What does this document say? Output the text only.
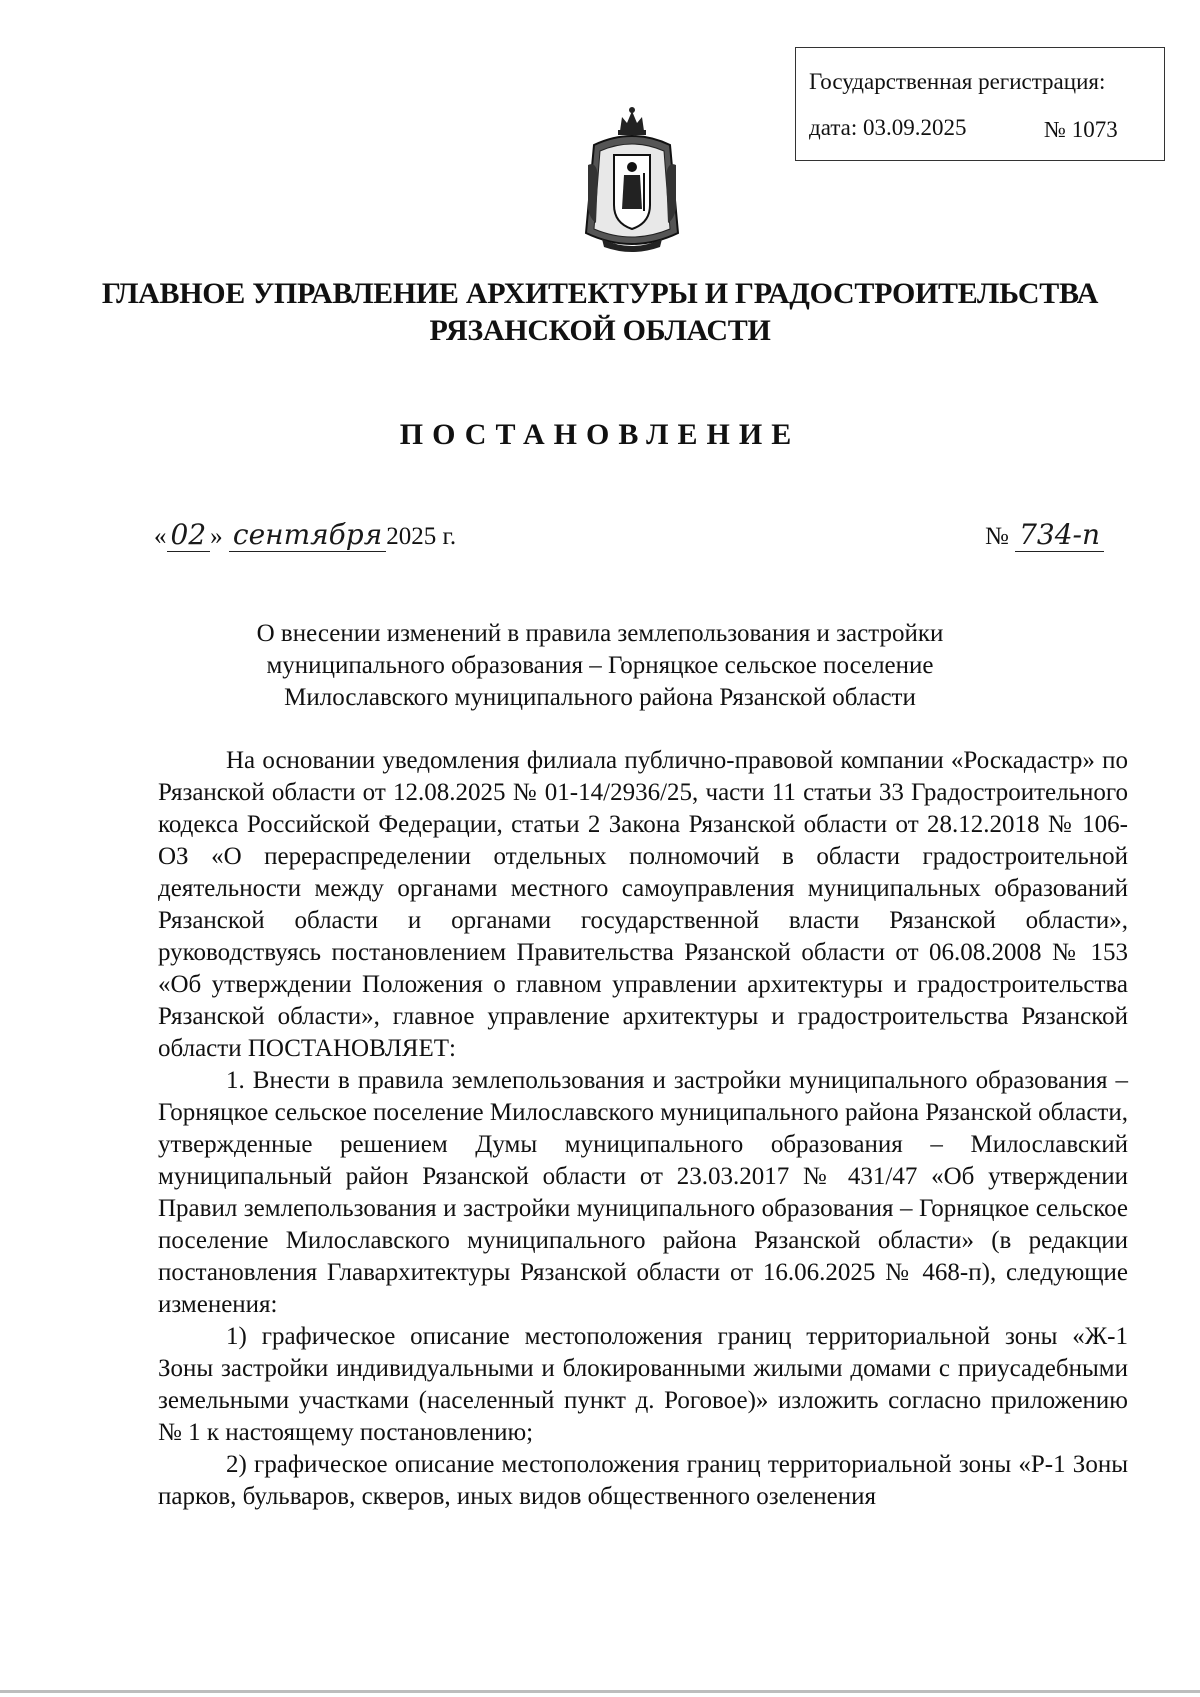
Государственная регистрация:
дата: 03.09.2025	№ 1073
ГЛАВНОЕ УПРАВЛЕНИЕ АРХИТЕКТУРЫ И ГРАДОСТРОИТЕЛЬСТВА
РЯЗАНСКОЙ ОБЛАСТИ
ПОСТАНОВЛЕНИЕ
« 02 » сентября 2025 г.	№ 734-п
О внесении изменений в правила землепользования и застройки
муниципального образования – Горняцкое сельское поселение
Милославского муниципального района Рязанской области

На основании уведомления филиала публично-правовой компании «Роскадастр» по Рязанской области от 12.08.2025 № 01-14/2936/25, части 11 статьи 33 Градостроительного кодекса Российской Федерации, статьи 2 Закона Рязанской области от 28.12.2018 № 106-ОЗ «О перераспределении отдельных полномочий в области градостроительной деятельности между органами местного самоуправления муниципальных образований Рязанской области и органами государственной власти Рязанской области», руководствуясь постановлением Правительства Рязанской области от 06.08.2008 № 153 «Об утверждении Положения о главном управлении архитектуры и градостроительства Рязанской области», главное управление архитектуры и градостроительства Рязанской области ПОСТАНОВЛЯЕТ:

1. Внести в правила землепользования и застройки муниципального образования – Горняцкое сельское поселение Милославского муниципального района Рязанской области, утвержденные решением Думы муниципального образования – Милославский муниципальный район Рязанской области от 23.03.2017 № 431/47 «Об утверждении Правил землепользования и застройки муниципального образования – Горняцкое сельское поселение Милославского муниципального района Рязанской области» (в редакции постановления Главархитектуры Рязанской области от 16.06.2025 № 468-п), следующие изменения:

1) графическое описание местоположения границ территориальной зоны «Ж-1 Зоны застройки индивидуальными и блокированными жилыми домами с приусадебными земельными участками (населенный пункт д. Роговое)» изложить согласно приложению № 1 к настоящему постановлению;

2) графическое описание местоположения границ территориальной зоны «Р-1 Зоны парков, бульваров, скверов, иных видов общественного озеленения
